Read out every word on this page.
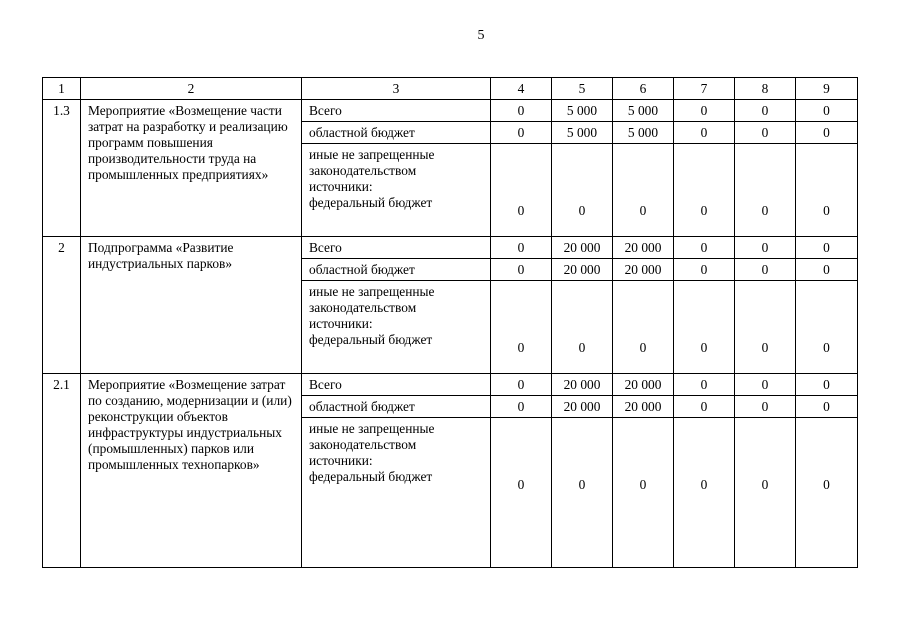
5
1	2	3	4	5	6	7	8	9
1.3	Мероприятие «Возмещение части затрат на разработку и реализацию программ повышения производительности труда на промышленных предприятиях»	Всего	0	5 000	5 000	0	0	0
		областной бюджет	0	5 000	5 000	0	0	0

		иные не запрещенные
законодательством
источники:
федеральный бюджет	0	0	0	0	0	0
2	Подпрограмма «Развитие индустриальных парков»	Всего	0	20 000	20 000	0	0	0
		областной бюджет	0	20 000	20 000	0	0	0

		иные не запрещенные
законодательством
источники:
федеральный бюджет	0	0	0	0	0	0
2.1	Мероприятие «Возмещение затрат по созданию, модернизации и (или) реконструкции объектов инфраструктуры индустриальных (промышленных) парков или промышленных технопарков»	Всего	0	20 000	20 000	0	0	0
		областной бюджет	0	20 000	20 000	0	0	0

		иные не запрещенные
законодательством
источники:
федеральный бюджет	0	0	0	0	0	0
